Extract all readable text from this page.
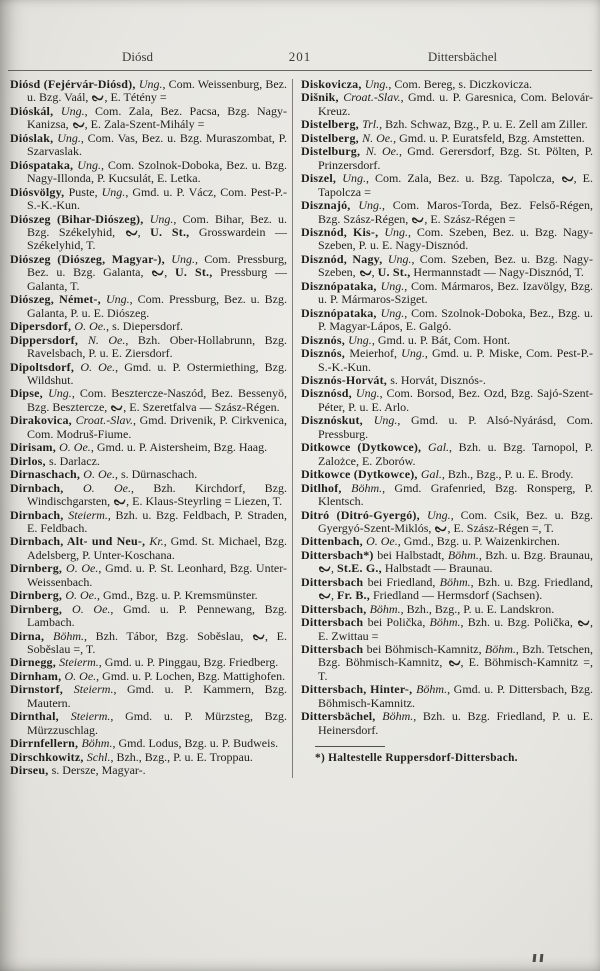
Diósd	201	Dittersbächel

Diósd (Fejérvár-Diósd), Ung., Com. Weissenburg, Bez. u. Bzg. Vaál, , E. Tétény =

Dióskál, Ung., Com. Zala, Bez. Pacsa, Bzg. Nagy-Kanizsa, , E. Zala-Szent-Mihály =

Dióslak, Ung., Com. Vas, Bez. u. Bzg. Muraszombat, P. Szarvaslak.

Dióspataka, Ung., Com. Szolnok-Doboka, Bez. u. Bzg. Nagy-Illonda, P. Kucsulát, E. Letka.

Diósvölgy, Puste, Ung., Gmd. u. P. Vácz, Com. Pest-P.-S.-K.-Kun.

Diószeg (Bihar-Diószeg), Ung., Com. Bihar, Bez. u. Bzg. Székelyhid, , U. St., Grosswardein — Székelyhid, T.

Diószeg (Diószeg, Magyar-), Ung., Com. Pressburg, Bez. u. Bzg. Galanta, , U. St., Pressburg — Galanta, T.

Diószeg, Német-, Ung., Com. Pressburg, Bez. u. Bzg. Galanta, P. u. E. Diószeg.

Dipersdorf, O. Oe., s. Diepersdorf.

Dippersdorf, N. Oe., Bzh. Ober-Hollabrunn, Bzg. Ravelsbach, P. u. E. Ziersdorf.

Dipoltsdorf, O. Oe., Gmd. u. P. Ostermiething, Bzg. Wildshut.

Dipse, Ung., Com. Besztercze-Naszód, Bez. Bessenyö, Bzg. Besztercze, , E. Szeretfalva — Szász-Régen.

Dirakovica, Croat.-Slav., Gmd. Drivenik, P. Cirkvenica, Com. Modruš-Fiume.

Dirisam, O. Oe., Gmd. u. P. Aistersheim, Bzg. Haag.

Dirlos, s. Darlacz.

Dirnaschach, O. Oe., s. Dürnaschach.

Dirnbach, O. Oe., Bzh. Kirchdorf, Bzg. Windischgarsten, , E. Klaus-Steyrling = Liezen, T.

Dirnbach, Steierm., Bzh. u. Bzg. Feldbach, P. Straden, E. Feldbach.

Dirnbach, Alt- und Neu-, Kr., Gmd. St. Michael, Bzg. Adelsberg, P. Unter-Koschana.

Dirnberg, O. Oe., Gmd. u. P. St. Leonhard, Bzg. Unter-Weissenbach.

Dirnberg, O. Oe., Gmd., Bzg. u. P. Kremsmünster.

Dirnberg, O. Oe., Gmd. u. P. Pennewang, Bzg. Lambach.

Dirna, Böhm., Bzh. Tábor, Bzg. Soběslau, , E. Soběslau =, T.

Dirnegg, Steierm., Gmd. u. P. Pinggau, Bzg. Friedberg.

Dirnham, O. Oe., Gmd. u. P. Lochen, Bzg. Mattighofen.

Dirnstorf, Steierm., Gmd. u. P. Kammern, Bzg. Mautern.

Dirnthal, Steierm., Gmd. u. P. Mürzsteg, Bzg. Mürzzuschlag.

Dirrnfellern, Böhm., Gmd. Lodus, Bzg. u. P. Budweis.

Dirschkowitz, Schl., Bzh., Bzg., P. u. E. Troppau.

Dirseu, s. Dersze, Magyar-.

Diskovicza, Ung., Com. Bereg, s. Diczkovicza.

Dišnik, Croat.-Slav., Gmd. u. P. Garesnica, Com. Belovár-Kreuz.

Distelberg, Trl., Bzh. Schwaz, Bzg., P. u. E. Zell am Ziller.

Distelberg, N. Oe., Gmd. u. P. Euratsfeld, Bzg. Amstetten.

Distelburg, N. Oe., Gmd. Gerersdorf, Bzg. St. Pölten, P. Prinzersdorf.

Diszel, Ung., Com. Zala, Bez. u. Bzg. Tapolcza, , E. Tapolcza =

Disznajó, Ung., Com. Maros-Torda, Bez. Felső-Régen, Bzg. Szász-Régen, , E. Szász-Régen =

Disznód, Kis-, Ung., Com. Szeben, Bez. u. Bzg. Nagy-Szeben, P. u. E. Nagy-Disznód.

Disznód, Nagy, Ung., Com. Szeben, Bez. u. Bzg. Nagy-Szeben, , U. St., Hermannstadt — Nagy-Disznód, T.

Disznópataka, Ung., Com. Mármaros, Bez. Izavölgy, Bzg. u. P. Mármaros-Sziget.

Disznópataka, Ung., Com. Szolnok-Doboka, Bez., Bzg. u. P. Magyar-Lápos, E. Galgó.

Disznós, Ung., Gmd. u. P. Bát, Com. Hont.

Disznós, Meierhof, Ung., Gmd. u. P. Miske, Com. Pest-P.-S.-K.-Kun.

Disznós-Horvát, s. Horvát, Disznós-.

Disznósd, Ung., Com. Borsod, Bez. Ozd, Bzg. Sajó-Szent-Péter, P. u. E. Arlo.

Disznóskut, Ung., Gmd. u. P. Alsó-Nyárásd, Com. Pressburg.

Ditkowce (Dytkowce), Gal., Bzh. u. Bzg. Tarnopol, P. Zalożce, E. Zborów.

Ditkowce (Dytkowce), Gal., Bzh., Bzg., P. u. E. Brody.

Ditlhof, Böhm., Gmd. Grafenried, Bzg. Ronsperg, P. Klentsch.

Ditró (Ditró-Gyergó), Ung., Com. Csik, Bez. u. Bzg. Gyergyó-Szent-Miklós, , E. Szász-Régen =, T.

Dittenbach, O. Oe., Gmd., Bzg. u. P. Waizenkirchen.

Dittersbach*) bei Halbstadt, Böhm., Bzh. u. Bzg. Braunau, , St.E. G., Halbstadt — Braunau.

Dittersbach bei Friedland, Böhm., Bzh. u. Bzg. Friedland, , Fr. B., Friedland — Hermsdorf (Sachsen).

Dittersbach, Böhm., Bzh., Bzg., P. u. E. Landskron.

Dittersbach bei Polička, Böhm., Bzh. u. Bzg. Polička, , E. Zwittau =

Dittersbach bei Böhmisch-Kamnitz, Böhm., Bzh. Tetschen, Bzg. Böhmisch-Kamnitz, , E. Böhmisch-Kamnitz =, T.

Dittersbach, Hinter-, Böhm., Gmd. u. P. Dittersbach, Bzg. Böhmisch-Kamnitz.

Dittersbächel, Böhm., Bzh. u. Bzg. Friedland, P. u. E. Heinersdorf.

*) Haltestelle Ruppersdorf-Dittersbach.
